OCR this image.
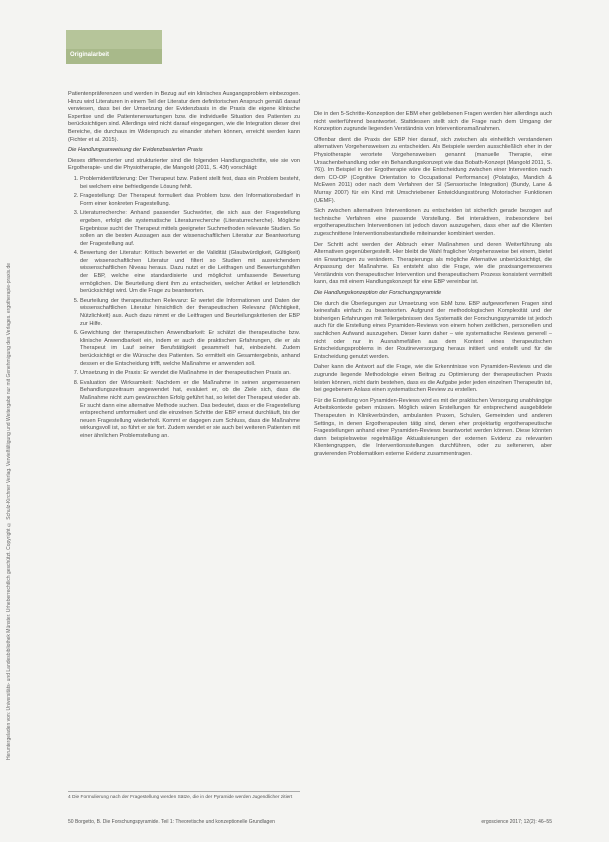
Heruntergeladen von: Universitäts- und Landesbibliothek Münster. Urheberrechtlich geschützt. Copyright © Schulz-Kirchner Verlag. Vervielfältigung und Weitergabe nur mit Genehmigung des Verlages. ergotherapie-praxis.de
Originalarbeit

Patientenpräferenzen und werden in Bezug auf ein klinisches Ausgangsproblem einbezogen. Hinzu wird Literaturen in einem Teil der Literatur dem definitorischen Anspruch gemäß darauf verwiesen, dass bei der Umsetzung der Evidenzbasis in die Praxis die eigene klinische Expertise und die Patientenerwartungen bzw. die individuelle Situation des Patienten zu berücksichtigen sind. Allerdings wird nicht darauf eingegangen, wie die Integration dieser drei Bereiche, die durchaus im Widerspruch zu einander stehen können, erreicht werden kann (Fichter et al. 2015).

Die Handlungsanweisung der Evidenzbasierten Praxis

Dieses differenzierter und strukturierter sind die folgenden Handlungsschritte, wie sie von Ergotherapie- und die Physiotherapie, die Mangold (2011, S. 43f) vorschlägt:

1. Problemidentifizierung: Der Therapeut bzw. Patient stellt fest, dass ein Problem besteht, bei welchem eine befriedigende Lösung fehlt.
2. Fragestellung: Der Therapeut formuliert das Problem bzw. den Informationsbedarf in Form einer konkreten Fragestellung.
3. Literaturrecherche: Anhand passender Suchwörter, die sich aus der Fragestellung ergeben, erfolgt die systematische Literaturrecherche (Literaturrecherche). Mögliche Ergebnisse sucht der Therapeut mittels geeigneter Suchmethoden relevante Studien. So sollen an die besten Aussagen aus der wissenschaftlichen Literatur zur Beantwortung der Fragestellung auf.
4. Bewertung der Literatur: Kritisch bewertet er die Validität (Glaubwürdigkeit, Gültigkeit) der wissenschaftlichen Literatur und filtert so Studien mit ausreichendem wissenschaftlichen Niveau heraus. Dazu nutzt er die Leitfragen und Bewertungshilfen der EBP, welche eine standardisierte und möglichst umfassende Bewertung ermöglichen. Die Beurteilung dient ihm zu entscheiden, welcher Artikel er letztendlich berücksichtigt wird. Um die Frage zu beantworten.
5. Beurteilung der therapeutischen Relevanz: Er wertet die Informationen und Daten der wissenschaftlichen Literatur hinsichtlich der therapeutischen Relevanz (Wichtigkeit, Nützlichkeit) aus. Auch dazu nimmt er die Leitfragen und Beurteilungskriterien der EBP zur Hilfe.
6. Gewichtung der therapeutischen Anwendbarkeit: Er schätzt die therapeutische bzw. klinische Anwendbarkeit ein, indem er auch die praktischen Erfahrungen, die er als Therapeut im Lauf seiner Berufstätigkeit gesammelt hat, einbezieht. Zudem berücksichtigt er die Wünsche des Patienten. So ermittelt ein Gesamtergebnis, anhand dessen er die Entscheidung trifft, welche Maßnahme er anwenden soll.
7. Umsetzung in die Praxis: Er wendet die Maßnahme in der therapeutischen Praxis an.
8. Evaluation der Wirksamkeit: Nachdem er die Maßnahme in seinen angemessenen Behandlungszeitraum angewendet hat, evaluiert er, ob die Ziele sich, dass die Maßnahme nicht zum gewünschten Erfolg geführt hat, so leitet der Therapeut wieder ab. Er sucht dann eine alternative Methode suchen. Das bedeutet, dass er die Fragestellung entsprechend umformuliert und die einzelnen Schritte der EBP erneut durchläuft, bis der neuen Fragestellung wiederholt. Kommt er dagegen zum Schluss, dass die Maßnahme wirkungsvoll ist, so führt er sie fort. Zudem wendet er sie auch bei weiteren Patienten mit einer ähnlichen Problemstellung an.
4 Die Formulierung nach der Fragestellung werden Sätze, die in der Pyramide werden Jugendlicher zitiert

Die in den 5-Schritte-Konzeption der EBM eher gebliebenen Fragen werden hier allerdings auch nicht weiterführend beantwortet. Stattdessen stellt sich die Frage nach dem Umgang der Konzeption zugrunde liegenden Verständnis von Interventionsmaßnahmen.

Offenbar dient die Praxis der EBP hier darauf, sich zwischen als einheitlich verstandenen alternativen Vorgehensweisen zu entscheiden. Als Beispiele werden ausschließlich eher in der Physiotherapie verortete Vorgehensweisen genannt (manuelle Therapie, eine Ursachenbehandlung oder ein Behandlungskonzept wie das Bobath-Konzept (Mangold 2011, S. 76)). Im Beispiel in der Ergotherapie wäre die Entscheidung zwischen einer Intervention nach dem CO-OP (Cognitive Orientation to Occupational Performance) (Polatajko, Mandich & McEwen 2011) oder nach dem Verfahren der SI (Sensorische Integration) (Bundy, Lane & Murray 2007) für ein Kind mit Umschriebener Entwicklungsstörung Motorischer Funktionen (UEMF).

Sich zwischen alternativen Interventionen zu entscheiden ist sicherlich gerade bezogen auf technische Verfahren eine passende Vorstellung. Bei interaktiven, insbesondere bei ergotherapeutischen Interventionen ist jedoch davon auszugehen, dass eher auf die Klienten zugeschnittene Interventionsbestandteile miteinander kombiniert werden.

Der Schritt acht werden der Abbruch einer Maßnahmen und deren Weiterführung als Alternativen gegenübergestellt. Hier bleibt die Wahl fraglicher Vorgehensweise bei einem, bietet ein Erwartungen zu verändern. Therapierungs als mögliche Alternative unberücksichtigt, die Anpassung der Maßnahme. Es entsteht also die Frage, wie die praxisangemessenes Verständnis von therapeutischer Intervention und therapeutischem Prozess konsistent vermittelt kann, das mit einem Handlungskonzept für eine EBP vereinbar ist.

Die Handlungskonzeption der Forschungspyramide

Die durch die Überlegungen zur Umsetzung von EbM bzw. EBP aufgeworfenen Fragen sind keinesfalls einfach zu beantworten. Aufgrund der methodologischen Komplexität und der bisherigen Erfahrungen mit Teilergebnissen des Systematik der Forschungspyramide ist jedoch auch für die Erstellung eines Pyramiden-Reviews von einem hohen zeitlichen, personellen und sachlichen Aufwand auszugehen. Dieser kann daher – wie systematische Reviews generell – nicht oder nur in Ausnahmefällen aus dem Kontext eines therapeutischen Entscheidungsproblems in der Routineversorgung heraus initiiert und erstellt und für die Entscheidung genutzt werden.

Daher kann die Antwort auf die Frage, wie die Erkenntnisse von Pyramiden-Reviews und die zugrunde liegende Methodologie einen Beitrag zu Optimierung der therapeutischen Praxis leisten können, nicht darin bestehen, dass es die Aufgabe jeder jeden einzelnen Therapeutin ist, bei gegebenem Anlass einen systematischen Review zu erstellen.

Für die Erstellung von Pyramiden-Reviews wird es mit der praktischen Versorgung unabhängige Arbeitskontexte geben müssen. Möglich wären Erstellungen für entsprechend ausgebildete Therapeuten in Klinikverbünden, ambulanten Praxen, Schulen, Gemeinden und anderen Settings, in denen Ergotherapeuten tätig sind, denen eher projektartig ergotherapeutische Fragestellungen anhand einer Pyramiden-Reviews beantwortet werden können. Diese könnten dann beispielsweise regelmäßige Aktualisierungen der externen Evidenz zu relevanten Klientengruppen, die Interventionsstellungen durchführen, oder zu selteneren, aber gravierenden Problematiken externe Evidenz zusammentragen.

50 Borgetto, B. Die Forschungspyramide. Teil 1: Theoretische und konzeptionelle Grundlagen	ergoscience 2017; 12(2): 46–55
